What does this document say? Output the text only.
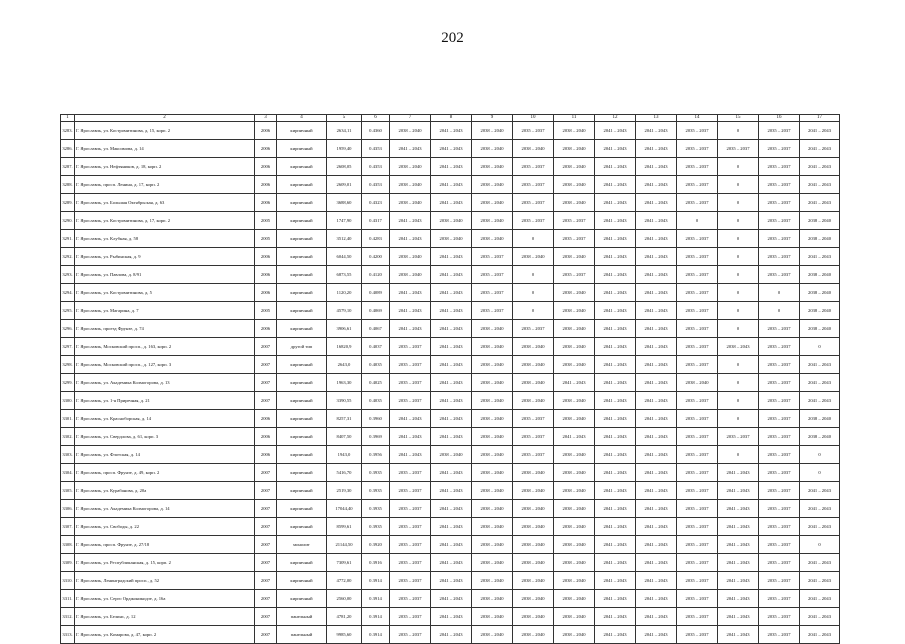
202
1	2	3	4	5	6	7	8	9	10	11	12	13	14	15	16	17
3283.	Г. Ярославль, ул. Костромитинова, д. 15, корп. 2	2006	кирпичный	2634,11	0.4360	2038 – 2040	2041 – 2043	2038 – 2040	2035 – 2037	2038 – 2040	2041 – 2043	2041 – 2043	2035 – 2037	0	2035 – 2037	2041 – 2043
3286.	Г. Ярославль, ул. Максимова, д. 14	2006	кирпичный	1959,40	0.4353	2041 – 2043	2041 – 2043	2038 – 2040	2038 – 2040	2038 – 2040	2041 – 2043	2041 – 2043	2035 – 2037	2035 – 2037	2035 – 2037	2041 – 2043
3287.	Г. Ярославль, ул. Нефтяников, д. 18, корп. 2	2006	кирпичный	2608,05	0.4353	2038 – 2040	2041 – 2043	2038 – 2040	2035 – 2037	2038 – 2040	2041 – 2043	2041 – 2043	2035 – 2037	0	2035 – 2037	2041 – 2043
3288.	Г. Ярославль, просп. Ленина, д. 17, корп. 2	2006	кирпичный	2609,01	0.4353	2038 – 2040	2041 – 2043	2038 – 2040	2035 – 2037	2038 – 2040	2041 – 2043	2041 – 2043	2035 – 2037	0	2035 – 2037	2041 – 2043
3289.	Г. Ярославль, ул. Большая Октябрьская, д. 63	2006	кирпичный	3688,60	0.4323	2038 – 2040	2041 – 2043	2038 – 2040	2035 – 2037	2038 – 2040	2041 – 2043	2041 – 2043	2035 – 2037	0	2035 – 2037	2041 – 2043
3290.	Г. Ярославль, ул. Костромитинова, д. 17, корп. 2	2005	кирпичный	1747,90	0.4317	2041 – 2043	2038 – 2040	2038 – 2040	2035 – 2037	2035 – 2037	2041 – 2043	2041 – 2043	0	0	2035 – 2037	2038 – 2040
3291.	Г. Ярославль, ул. Клубная, д. 58	2005	кирпичный	3512,40	0.4283	2041 – 2043	2038 – 2040	2038 – 2040	0	2035 – 2037	2041 – 2043	2041 – 2043	2035 – 2037	0	2035 – 2037	2038 – 2040
3292.	Г. Ярославль, ул. Рыбинская, д. 9	2006	кирпичный	6044,50	0.4200	2038 – 2040	2041 – 2043	2035 – 2037	2038 – 2040	2038 – 2040	2041 – 2043	2041 – 2043	2035 – 2037	0	2035 – 2037	2041 – 2043
3293.	Г. Ярославль, ул. Павлова, д. 8/91	2006	кирпичный	6873,55	0.4120	2038 – 2040	2041 – 2043	2035 – 2037	0	2035 – 2037	2041 – 2043	2041 – 2043	2035 – 2037	0	2035 – 2037	2038 – 2040
3294.	Г. Ярославль, ул. Костромитинова, д. 5	2006	кирпичный	1120,20	0.4089	2041 – 2043	2041 – 2043	2035 – 2037	0	2038 – 2040	2041 – 2043	2041 – 2043	2035 – 2037	0	0	2038 – 2040
3295.	Г. Ярославль, ул. Магарина, д. 7	2005	кирпичный	4579,10	0.4069	2041 – 2043	2041 – 2043	2035 – 2037	0	2038 – 2040	2041 – 2043	2041 – 2043	2035 – 2037	0	0	2038 – 2040
3296.	Г. Ярославль, проезд Фрунзе, д. 74	2006	кирпичный	3906,61	0.4067	2041 – 2043	2041 – 2043	2038 – 2040	2035 – 2037	2038 – 2040	2041 – 2043	2041 – 2043	2035 – 2037	0	2035 – 2037	2038 – 2040
3297.	Г. Ярославль, Московский просп., д. 163, корп. 2	2007	другой тип	16820,9	0.4037	2035 – 2037	2041 – 2043	2038 – 2040	2038 – 2040	2038 – 2040	2041 – 2043	2041 – 2043	2035 – 2037	2038 – 2043	2035 – 2037	0
3298.	Г. Ярославль, Московский просп., д. 127, корп. 3	2007	кирпичный	2643,0	0.4035	2035 – 2037	2041 – 2043	2038 – 2040	2038 – 2040	2038 – 2040	2041 – 2043	2041 – 2043	2035 – 2037	0	2035 – 2037	2041 – 2043
3299.	Г. Ярославль, ул. Академика Колмогорова, д. 13	2007	кирпичный	1963,30	0.4025	2035 – 2037	2041 – 2043	2038 – 2040	2038 – 2040	2041 – 2043	2041 – 2043	2041 – 2043	2038 – 2040	0	2035 – 2037	2041 – 2043
3300.	Г. Ярославль, ул. 1-я Приречная, д. 21	2007	кирпичный	3390,55	0.4035	2035 – 2037	2041 – 2043	2038 – 2040	2038 – 2040	2038 – 2040	2041 – 2043	2041 – 2043	2035 – 2037	0	2035 – 2037	2041 – 2043
3301.	Г. Ярославль, ул. Красноборская, д. 14	2006	кирпичный	8257,31	0.3960	2041 – 2043	2041 – 2043	2038 – 2040	2035 – 2037	2038 – 2040	2041 – 2043	2041 – 2043	2035 – 2037	0	2035 – 2037	2038 – 2040
3302.	Г. Ярославль, ул. Свердлова, д. 61, корп. 3	2006	кирпичный	8407,50	0.3969	2041 – 2043	2041 – 2043	2038 – 2040	2035 – 2037	2041 – 2043	2041 – 2043	2041 – 2043	2035 – 2037	2035 – 2037	2035 – 2037	2038 – 2040
3303.	Г. Ярославль, ул. Флотская, д. 14	2006	кирпичный	1943,0	0.3956	2041 – 2043	2038 – 2040	2038 – 2040	2035 – 2037	2038 – 2040	2041 – 2043	2041 – 2043	2035 – 2037	0	2035 – 2037	0
3304.	Г. Ярославль, просп. Фрунзе, д. 49, корп. 2	2007	кирпичный	5416,70	0.3935	2035 – 2037	2041 – 2043	2038 – 2040	2038 – 2040	2038 – 2040	2041 – 2043	2041 – 2043	2035 – 2037	2041 – 2043	2035 – 2037	0
3305.	Г. Ярославль, ул. Курабанова, д. 20а	2007	кирпичный	2519,30	0.3935	2035 – 2037	2041 – 2043	2038 – 2040	2038 – 2040	2038 – 2040	2041 – 2043	2041 – 2043	2035 – 2037	2041 – 2043	2035 – 2037	2041 – 2043
3306.	Г. Ярославль, ул. Академика Колмогорова, д. 14	2007	кирпичный	17044,40	0.3935	2035 – 2037	2041 – 2043	2038 – 2040	2038 – 2040	2038 – 2040	2041 – 2043	2041 – 2043	2035 – 2037	2041 – 2043	2035 – 2037	2041 – 2043
3307.	Г. Ярославль, ул. Свободы, д. 22	2007	кирпичный	8599,61	0.3935	2035 – 2037	2041 – 2043	2038 – 2040	2038 – 2040	2038 – 2040	2041 – 2043	2041 – 2043	2035 – 2037	2041 – 2043	2035 – 2037	2041 – 2043
3308.	Г. Ярославль, просп. Фрунзе, д. 27/18	2007	монолит	21144,50	0.3920	2035 – 2037	2041 – 2043	2038 – 2040	2038 – 2040	2038 – 2040	2041 – 2043	2041 – 2043	2035 – 2037	2041 – 2043	2035 – 2037	0
3309.	Г. Ярославль, ул. Республиканская, д. 15, корп. 2	2007	кирпичный	7309,61	0.3916	2035 – 2037	2041 – 2043	2038 – 2040	2038 – 2040	2038 – 2040	2041 – 2043	2041 – 2043	2035 – 2037	2041 – 2043	2035 – 2037	2041 – 2043
3310.	Г. Ярославль, Ленинградский просп., д. 52	2007	кирпичный	4772,00	0.3914	2035 – 2037	2041 – 2043	2038 – 2040	2038 – 2040	2038 – 2040	2041 – 2043	2041 – 2043	2035 – 2037	2041 – 2043	2035 – 2037	2041 – 2043
3311.	Г. Ярославль, ул. Серго Орджоникидзе, д. 16а	2007	кирпичный	2560,00	0.3914	2035 – 2037	2041 – 2043	2038 – 2040	2038 – 2040	2038 – 2040	2041 – 2043	2041 – 2043	2035 – 2037	2041 – 2043	2035 – 2037	2041 – 2043
3312.	Г. Ярославль, ул. Белинс, д. 12	2007	панельный	4781,20	0.3914	2035 – 2037	2041 – 2043	2038 – 2040	2038 – 2040	2038 – 2040	2041 – 2043	2041 – 2043	2035 – 2037	2041 – 2043	2035 – 2037	2041 – 2043
3313.	Г. Ярославль, ул. Комарова, д. 47, корп. 2	2007	панельный	9985,60	0.3914	2035 – 2037	2041 – 2043	2038 – 2040	2038 – 2040	2038 – 2040	2041 – 2043	2041 – 2043	2035 – 2037	2041 – 2043	2035 – 2037	2041 – 2043
